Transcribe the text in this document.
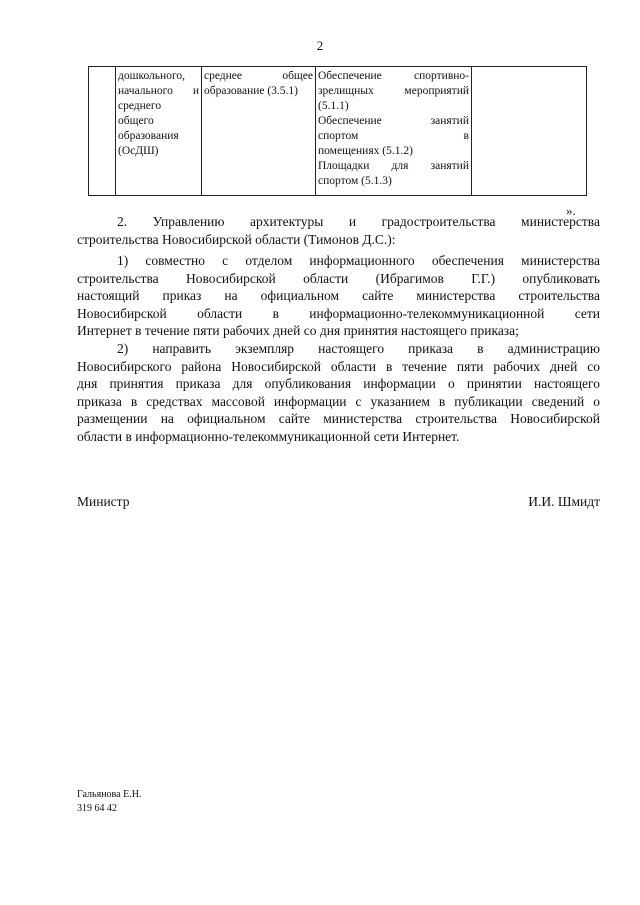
2

дошкольного,
начального и
среднего
общего
образования
(ОсДШ)

среднее общее
образование (3.5.1)

Обеспечение спортивно-
зрелищных мероприятий
(5.1.1)
Обеспечение занятий
спортом в
помещениях (5.1.2)
Площадки для занятий
спортом (5.1.3)

».
2. Управлению архитектуры и градостроительства министерства
строительства Новосибирской области (Тимонов Д.С.):
1) совместно с отделом информационного обеспечения министерства
строительства Новосибирской области (Ибрагимов Г.Г.) опубликовать
настоящий приказ на официальном сайте министерства строительства
Новосибирской области в информационно-телекоммуникационной сети
Интернет в течение пяти рабочих дней со дня принятия настоящего приказа;
2) направить экземпляр настоящего приказа в администрацию
Новосибирского района Новосибирской области в течение пяти рабочих дней со
дня принятия приказа для опубликования информации о принятии настоящего
приказа в средствах массовой информации с указанием в публикации сведений о
размещении на официальном сайте министерства строительства Новосибирской
области в информационно-телекоммуникационной сети Интернет.
Министр	И.И. Шмидт
Гальянова Е.Н.
319 64 42
